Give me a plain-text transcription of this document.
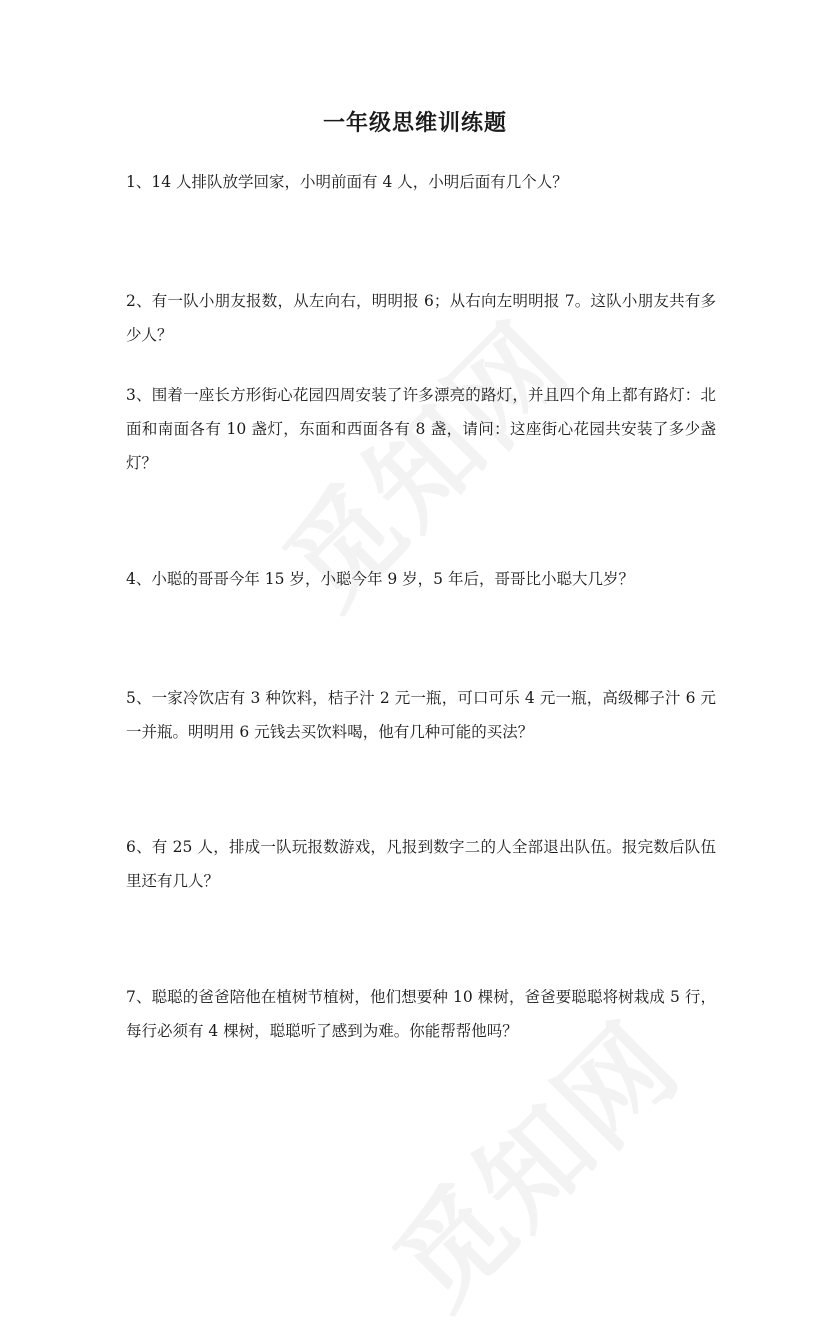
一年级思维训练题
1、14 人排队放学回家，小明前面有 4 人，小明后面有几个人？
2、有一队小朋友报数，从左向右，明明报 6；从右向左明明报 7。这队小朋友共有多少人？
3、围着一座长方形街心花园四周安装了许多漂亮的路灯，并且四个角上都有路灯：北面和南面各有 10 盏灯，东面和西面各有 8 盏，请问：这座街心花园共安装了多少盏灯？
4、小聪的哥哥今年 15 岁，小聪今年 9 岁，5 年后，哥哥比小聪大几岁？
5、一家冷饮店有 3 种饮料，桔子汁 2 元一瓶，可口可乐 4 元一瓶，高级椰子汁 6 元一并瓶。明明用 6 元钱去买饮料喝，他有几种可能的买法？
6、有 25 人，排成一队玩报数游戏，凡报到数字二的人全部退出队伍。报完数后队伍里还有几人？
7、聪聪的爸爸陪他在植树节植树，他们想要种 10 棵树，爸爸要聪聪将树栽成 5 行，每行必须有 4 棵树，聪聪听了感到为难。你能帮帮他吗？
